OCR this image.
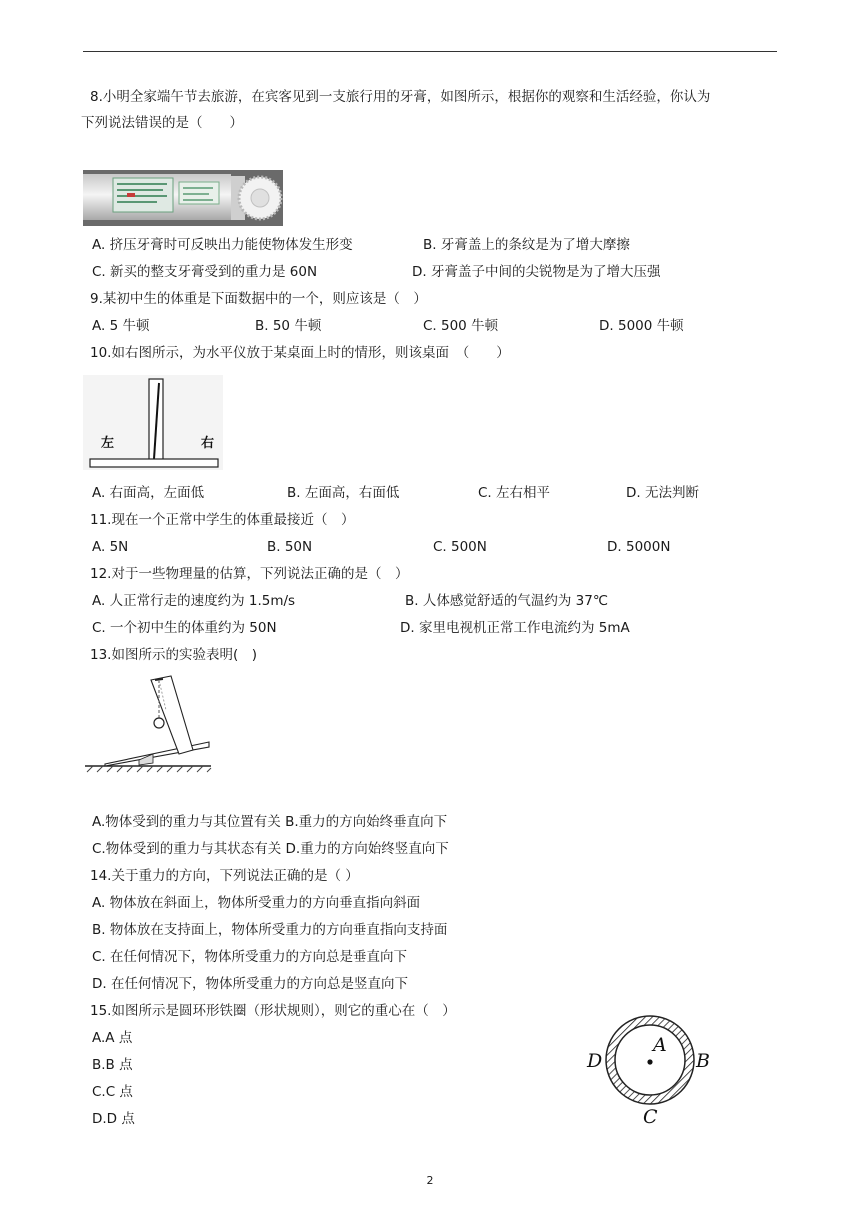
8.小明全家端午节去旅游，在宾客见到一支旅行用的牙膏，如图所示，根据你的观察和生活经验，你认为
下列说法错误的是（　　）
A. 挤压牙膏时可反映出力能使物体发生形变	B. 牙膏盖上的条纹是为了增大摩擦
C. 新买的整支牙膏受到的重力是 60N	D. 牙膏盖子中间的尖锐物是为了增大压强
9.某初中生的体重是下面数据中的一个，则应该是（　）
A. 5 牛顿	B. 50 牛顿	C. 500 牛顿	D. 5000 牛顿
10.如右图所示，为水平仪放于某桌面上时的情形，则该桌面　（　　）
左	右
A. 右面高，左面低	B. 左面高，右面低	C. 左右相平	D. 无法判断
11.现在一个正常中学生的体重最接近（　）
A. 5N	B. 50N	C. 500N	D. 5000N
12.对于一些物理量的估算，下列说法正确的是（　）
A. 人正常行走的速度约为 1.5m/s	B. 人体感觉舒适的气温约为 37℃
C. 一个初中生的体重约为 50N	D. 家里电视机正常工作电流约为 5mA
13.如图所示的实验表明(　)
A.物体受到的重力与其位置有关 B.重力的方向始终垂直向下
C.物体受到的重力与其状态有关 D.重力的方向始终竖直向下
14.关于重力的方向，下列说法正确的是（ ）
A. 物体放在斜面上，物体所受重力的方向垂直指向斜面
B. 物体放在支持面上，物体所受重力的方向垂直指向支持面
C. 在任何情况下，物体所受重力的方向总是垂直向下
D. 在任何情况下，物体所受重力的方向总是竖直向下
15.如图所示是圆环形铁圈（形状规则），则它的重心在（　）
A.A 点
B.B 点
C.C 点
D.D 点
A
B
C
D
2
